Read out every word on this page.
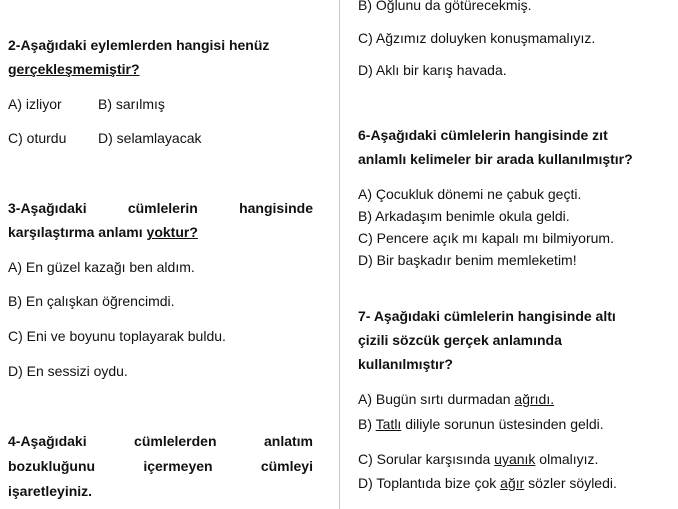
2-Aşağıdaki eylemlerden hangisi henüz
gerçekleşmemiştir?
A) izliyor	B) sarılmış
C) oturdu D) selamlayacak
3-Aşağıdaki	cümlelerin	hangisinde
karşılaştırma anlamı yoktur?
A) En güzel kazağı ben aldım.
B) En çalışkan öğrencimdi.
C) Eni ve boyunu toplayarak buldu.
D) En sessizi oydu.
4-Aşağıdaki	cümlelerden	anlatım
bozukluğunu	içermeyen	cümleyi
işaretleyiniz.
B) Oğlunu da götürecekmiş.
C) Ağzımız doluyken konuşmamalıyız.
D) Aklı bir karış havada.
6-Aşağıdaki cümlelerin hangisinde zıt
anlamlı kelimeler bir arada kullanılmıştır?
A) Çocukluk dönemi ne çabuk geçti.
B) Arkadaşım benimle okula geldi.
C) Pencere açık mı kapalı mı bilmiyorum.
D) Bir başkadır benim memleketim!
7- Aşağıdaki cümlelerin hangisinde altı
çizili sözcük gerçek anlamında
kullanılmıştır?
A) Bugün sırtı durmadan ağrıdı.
B) Tatlı diliyle sorunun üstesinden geldi.
C) Sorular karşısında uyanık olmalıyız.
D) Toplantıda bize çok ağır sözler söyledi.
